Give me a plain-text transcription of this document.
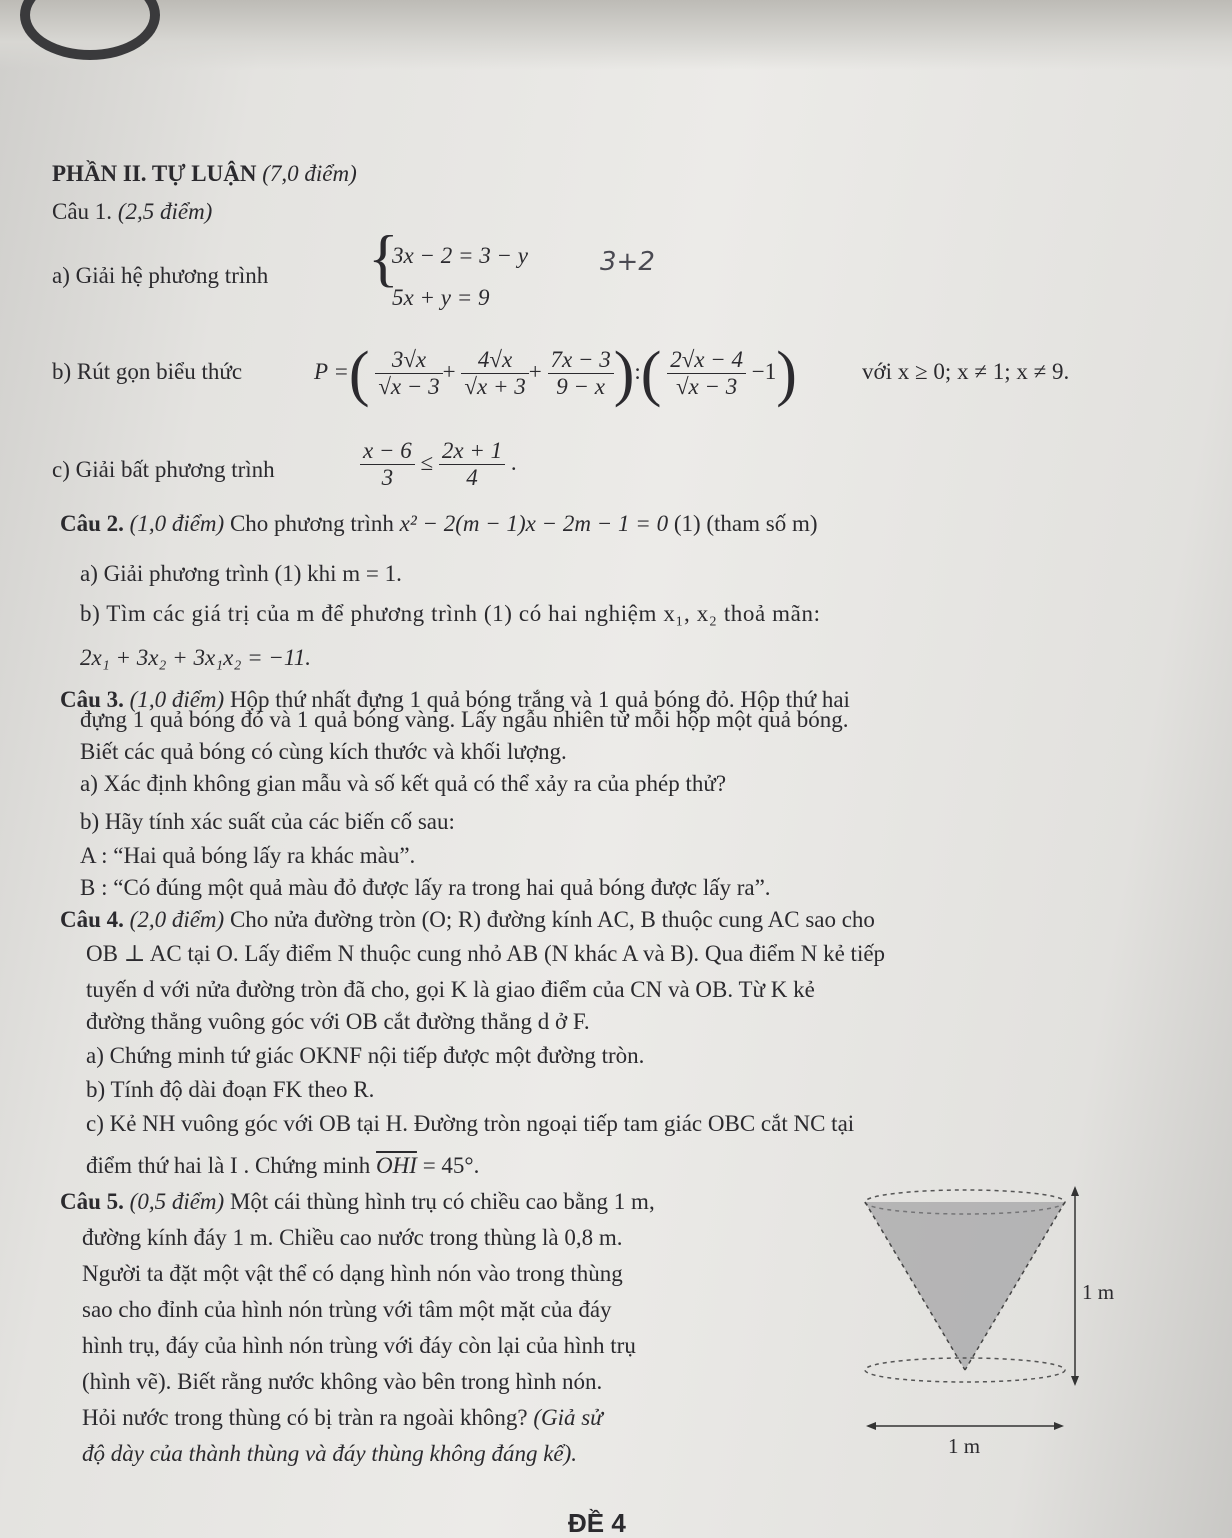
PHẦN II. TỰ LUẬN (7,0 điểm)
Câu 1. (2,5 điểm)
a) Giải hệ phương trình {
3x − 2 = 3 − y
5x + y = 9
3+2
b) Rút gọn biểu thức	P =( $\frac{3√x}{√x - 3} + \frac{4√x}{√x + 3} + \frac{7x - 3}{9 - x}$ ):( $\frac{2√x - 4}{√x - 3} -1$)	với x ≥ 0; x ≠ 1; x ≠ 9.
c) Giải bất phương trình	$\frac{x - 6}{3} \le \frac{2x + 1}{4}$ .
Câu 2. (1,0 điểm) Cho phương trình x² − 2(m − 1)x − 2m − 1 = 0 (1) (tham số m)
a) Giải phương trình (1) khi m = 1.
b) Tìm các giá trị của m để phương trình (1) có hai nghiệm x₁, x₂ thoả mãn:
2x₁ + 3x₂ + 3x₁x₂ = −11.
Câu 3. (1,0 điểm) Hộp thứ nhất đựng 1 quả bóng trắng và 1 quả bóng đỏ. Hộp thứ hai
đựng 1 quả bóng đỏ và 1 quả bóng vàng. Lấy ngẫu nhiên từ mỗi hộp một quả bóng.
Biết các quả bóng có cùng kích thước và khối lượng.
a) Xác định không gian mẫu và số kết quả có thể xảy ra của phép thử?
b) Hãy tính xác suất của các biến cố sau:
A : “Hai quả bóng lấy ra khác màu”.
B : “Có đúng một quả màu đỏ được lấy ra trong hai quả bóng được lấy ra”.
Câu 4. (2,0 điểm) Cho nửa đường tròn (O; R) đường kính AC, B thuộc cung AC sao cho
OB ⊥ AC tại O. Lấy điểm N thuộc cung nhỏ AB (N khác A và B). Qua điểm N kẻ tiếp
tuyến d với nửa đường tròn đã cho, gọi K là giao điểm của CN và OB. Từ K kẻ
đường thẳng vuông góc với OB cắt đường thẳng d ở F.
a) Chứng minh tứ giác OKNF nội tiếp được một đường tròn.
b) Tính độ dài đoạn FK theo R.
c) Kẻ NH vuông góc với OB tại H. Đường tròn ngoại tiếp tam giác OBC cắt NC tại
điểm thứ hai là I . Chứng minh $\overline{OHI} = 45^\circ$.
Câu 5. (0,5 điểm) Một cái thùng hình trụ có chiều cao bằng 1 m,
đường kính đáy 1 m. Chiều cao nước trong thùng là 0,8 m.
Người ta đặt một vật thể có dạng hình nón vào trong thùng
sao cho đỉnh của hình nón trùng với tâm một mặt của đáy
hình trụ, đáy của hình nón trùng với đáy còn lại của hình trụ
(hình vẽ). Biết rằng nước không vào bên trong hình nón.
Hỏi nước trong thùng có bị tràn ra ngoài không? (Giả sử
độ dày của thành thùng và đáy thùng không đáng kể).
1 m
1 m
ĐỀ 4
